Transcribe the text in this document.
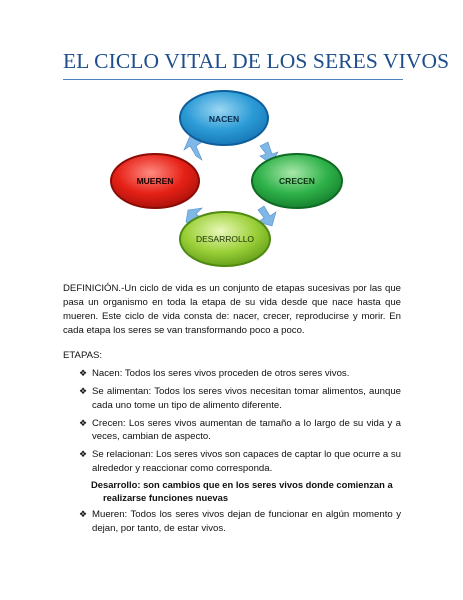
EL CICLO VITAL DE LOS SERES VIVOS
NACEN
CRECEN
DESARROLLO
MUEREN
DEFINICIÓN.-Un ciclo de vida es un conjunto de etapas sucesivas por las que pasa un organismo en toda la etapa de su vida desde que nace hasta que mueren. Este ciclo de vida consta de: nacer, crecer, reproducirse y morir. En cada etapa los seres se van transformando poco a poco.
ETAPAS:
❖ Nacen: Todos los seres vivos proceden de otros seres vivos.
❖ Se alimentan: Todos los seres vivos necesitan tomar alimentos, aunque cada uno tome un tipo de alimento diferente.
❖ Crecen: Los seres vivos aumentan de tamaño a lo largo de su vida y a veces, cambian de aspecto.
❖ Se relacionan: Los seres vivos son capaces de captar lo que ocurre a su alrededor y reaccionar como corresponda.
Desarrollo: son cambios que en los seres vivos donde comienzan a
realizarse funciones nuevas
❖ Mueren: Todos los seres vivos dejan de funcionar en algún momento y dejan, por tanto, de estar vivos.
